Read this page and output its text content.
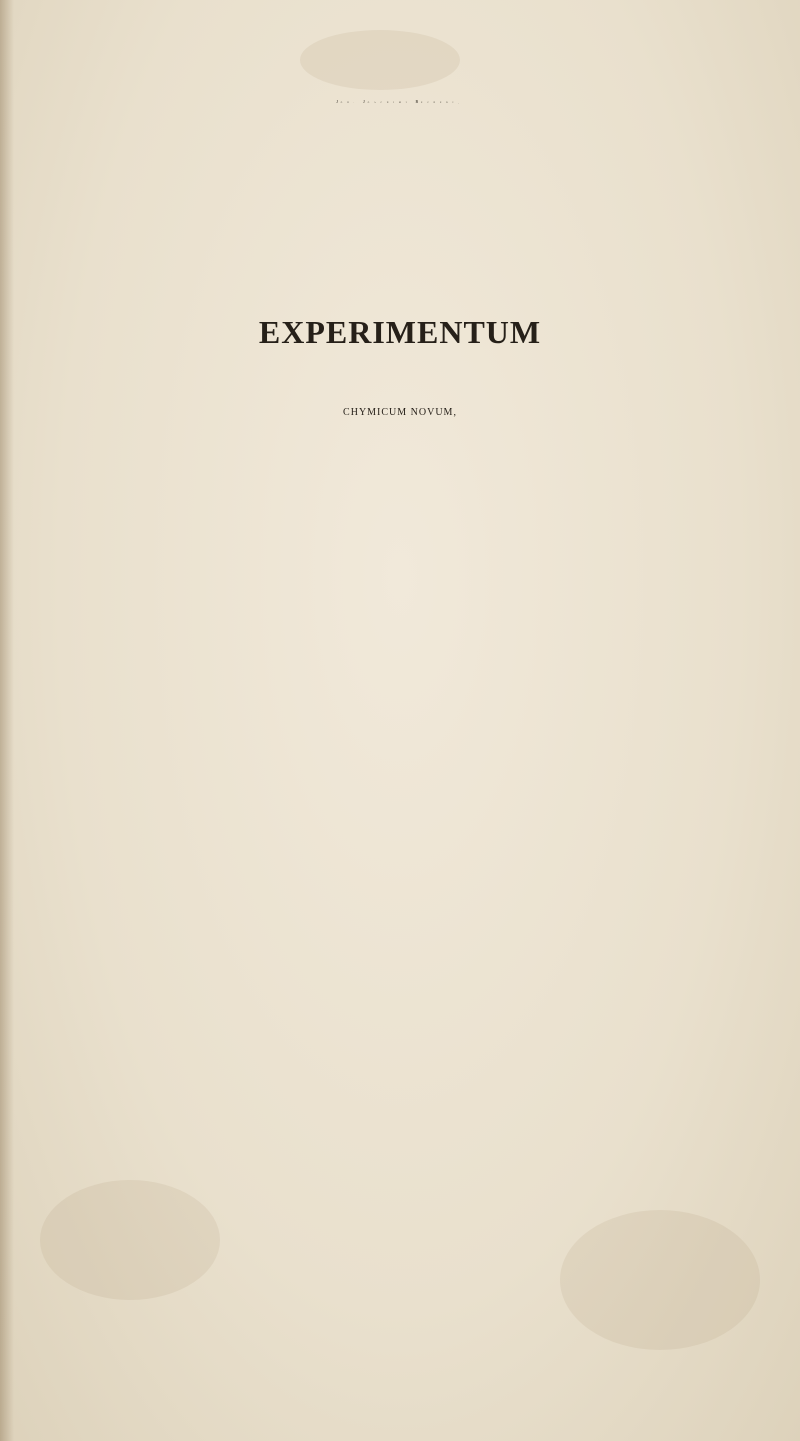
JOH. JOACHIMI BECHERI,
EXPERIMENTUM
CHYMICUM NOVUM,
